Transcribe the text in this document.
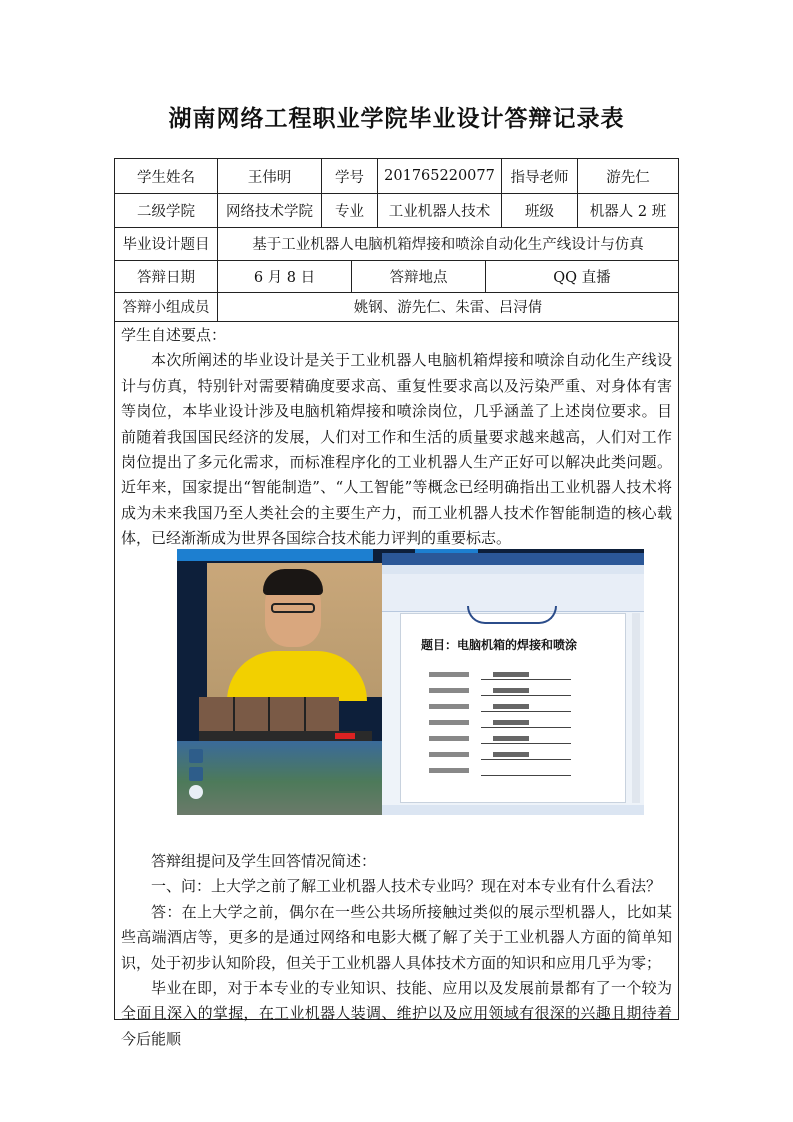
湖南网络工程职业学院毕业设计答辩记录表
学生姓名	王伟明	学号	201765220077	指导老师	游先仁
二级学院	网络技术学院	专业	工业机器人技术	班级	机器人 2 班
毕业设计题目	基于工业机器人电脑机箱焊接和喷涂自动化生产线设计与仿真
答辩日期	6 月 8 日	答辩地点	QQ 直播
答辩小组成员	姚钢、游先仁、朱雷、吕浔倩

学生自述要点：

本次所阐述的毕业设计是关于工业机器人电脑机箱焊接和喷涂自动化生产线设计与仿真，特别针对需要精确度要求高、重复性要求高以及污染严重、对身体有害等岗位，本毕业设计涉及电脑机箱焊接和喷涂岗位，几乎涵盖了上述岗位要求。目前随着我国国民经济的发展，人们对工作和生活的质量要求越来越高，人们对工作岗位提出了多元化需求，而标准程序化的工业机器人生产正好可以解决此类问题。近年来，国家提出“智能制造”、“人工智能”等概念已经明确指出工业机器人技术将成为未来我国乃至人类社会的主要生产力，而工业机器人技术作智能制造的核心载体，已经渐渐成为世界各国综合技术能力评判的重要标志。

题目：电脑机箱的焊接和喷涂

答辩组提问及学生回答情况简述：

一、问：上大学之前了解工业机器人技术专业吗？现在对本专业有什么看法？

答：在上大学之前，偶尔在一些公共场所接触过类似的展示型机器人，比如某些高端酒店等，更多的是通过网络和电影大概了解了关于工业机器人方面的简单知识，处于初步认知阶段，但关于工业机器人具体技术方面的知识和应用几乎为零；

毕业在即，对于本专业的专业知识、技能、应用以及发展前景都有了一个较为全面且深入的掌握，在工业机器人装调、维护以及应用领域有很深的兴趣且期待着今后能顺
